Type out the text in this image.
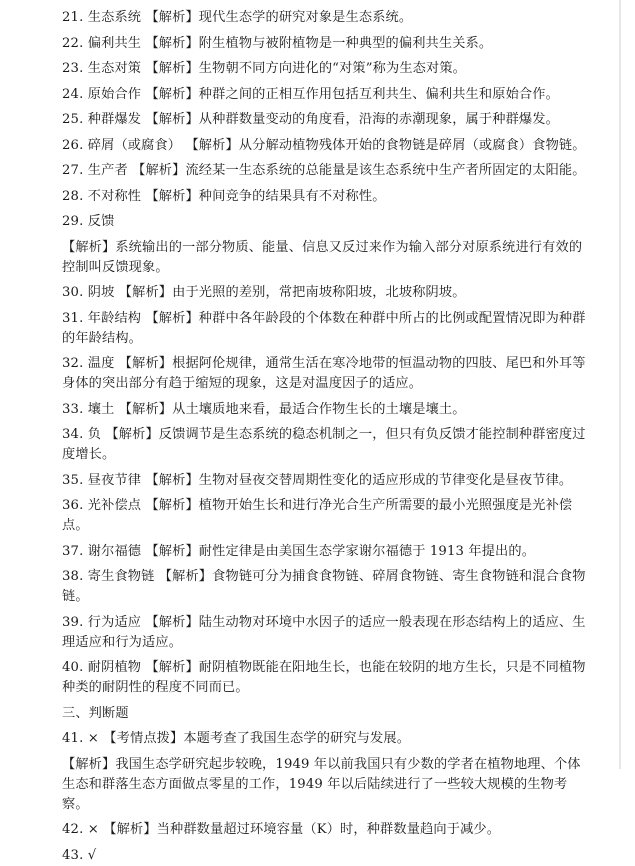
21. 生态系统 【解析】现代生态学的研究对象是生态系统。

22. 偏利共生 【解析】附生植物与被附植物是一种典型的偏利共生关系。

23. 生态对策 【解析】生物朝不同方向进化的“对策”称为生态对策。

24. 原始合作 【解析】种群之间的正相互作用包括互利共生、偏利共生和原始合作。

25. 种群爆发 【解析】从种群数量变动的角度看，沿海的赤潮现象，属于种群爆发。

26. 碎屑（或腐食） 【解析】从分解动植物残体开始的食物链是碎屑（或腐食）食物链。

27. 生产者 【解析】流经某一生态系统的总能量是该生态系统中生产者所固定的太阳能。

28. 不对称性 【解析】种间竞争的结果具有不对称性。

29. 反馈

【解析】系统输出的一部分物质、能量、信息又反过来作为输入部分对原系统进行有效的控制叫反馈现象。

30. 阴坡 【解析】由于光照的差别，常把南坡称阳坡，北坡称阴坡。

31. 年龄结构 【解析】种群中各年龄段的个体数在种群中所占的比例或配置情况即为种群的年龄结构。

32. 温度 【解析】根据阿伦规律，通常生活在寒冷地带的恒温动物的四肢、尾巴和外耳等身体的突出部分有趋于缩短的现象，这是对温度因子的适应。

33. 壤土 【解析】从土壤质地来看，最适合作物生长的土壤是壤土。

34. 负 【解析】反馈调节是生态系统的稳态机制之一，但只有负反馈才能控制种群密度过度增长。

35. 昼夜节律 【解析】生物对昼夜交替周期性变化的适应形成的节律变化是昼夜节律。

36. 光补偿点 【解析】植物开始生长和进行净光合生产所需要的最小光照强度是光补偿点。

37. 谢尔福德 【解析】耐性定律是由美国生态学家谢尔福德于 1913 年提出的。

38. 寄生食物链 【解析】食物链可分为捕食食物链、碎屑食物链、寄生食物链和混合食物链。

39. 行为适应 【解析】陆生动物对环境中水因子的适应一般表现在形态结构上的适应、生理适应和行为适应。

40. 耐阴植物 【解析】耐阴植物既能在阳地生长，也能在较阴的地方生长，只是不同植物种类的耐阴性的程度不同而已。

三、判断题

41. × 【考情点拨】本题考查了我国生态学的研究与发展。

【解析】我国生态学研究起步较晚，1949 年以前我国只有少数的学者在植物地理、个体生态和群落生态方面做点零星的工作，1949 年以后陆续进行了一些较大规模的生物考察。

42. × 【解析】当种群数量超过环境容量（K）时，种群数量趋向于减少。

43. √
